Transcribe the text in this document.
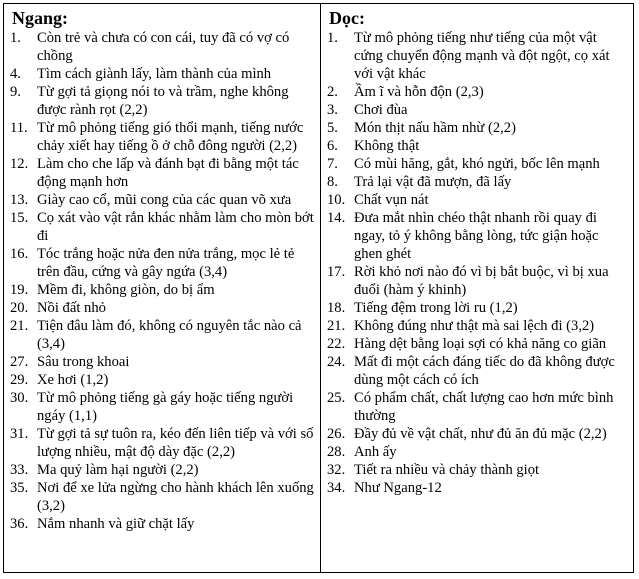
Ngang:
1. Còn trẻ và chưa có con cái, tuy đã có vợ có chồng
4. Tìm cách giành lấy, làm thành của mình
9. Từ gợi tả giọng nói to và trầm, nghe không được rành rọt (2,2)
11. Từ mô phỏng tiếng gió thổi mạnh, tiếng nước chảy xiết hay tiếng ồ ở chỗ đông người (2,2)
12. Làm cho che lấp và đánh bạt đi bằng một tác động mạnh hơn
13. Giày cao cổ, mũi cong của các quan võ xưa
15. Cọ xát vào vật rắn khác nhằm làm cho mòn bớt đi
16. Tóc trắng hoặc nửa đen nửa trắng, mọc lẻ tẻ trên đầu, cứng và gây ngứa (3,4)
19. Mềm đi, không giòn, do bị ẩm
20. Nồi đất nhỏ
21. Tiện đâu làm đó, không có nguyên tắc nào cả (3,4)
27. Sâu trong khoai
29. Xe hơi (1,2)
30. Từ mô phỏng tiếng gà gáy hoặc tiếng người ngáy (1,1)
31. Từ gợi tả sự tuôn ra, kéo đến liên tiếp và với số lượng nhiều, mật độ dày đặc (2,2)
33. Ma quỷ làm hại người (2,2)
35. Nơi để xe lửa ngừng cho hành khách lên xuống (3,2)
36. Nắm nhanh và giữ chặt lấy
Dọc:
1. Từ mô phỏng tiếng như tiếng của một vật cứng chuyển động mạnh và đột ngột, cọ xát với vật khác
2. Ầm ĩ và hỗn độn (2,3)
3. Chơi đùa
5. Món thịt nấu hầm nhừ (2,2)
6. Không thật
7. Có mùi hăng, gắt, khó ngửi, bốc lên mạnh
8. Trả lại vật đã mượn, đã lấy
10. Chất vụn nát
14. Đưa mắt nhìn chéo thật nhanh rồi quay đi ngay, tỏ ý không bằng lòng, tức giận hoặc ghen ghét
17. Rời khỏ nơi nào đó vì bị bắt buộc, vì bị xua đuổi (hàm ý khinh)
18. Tiếng đệm trong lời ru (1,2)
21. Không đúng như thật mà sai lệch đi (3,2)
22. Hàng dệt bằng loại sợi có khả năng co giãn
24. Mất đi một cách đáng tiếc do đã không được dùng một cách có ích
25. Có phẩm chất, chất lượng cao hơn mức bình thường
26. Đầy đủ về vật chất, như đủ ăn đủ mặc (2,2)
28. Anh ấy
32. Tiết ra nhiều và chảy thành giọt
34. Như Ngang-12
